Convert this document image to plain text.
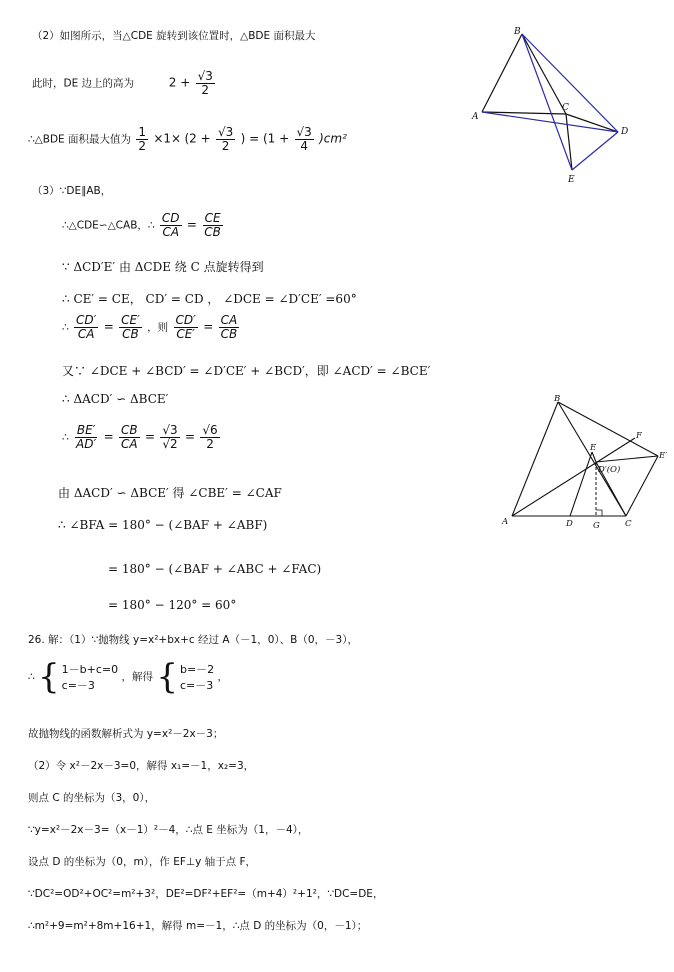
（2）如图所示，当△CDE 旋转到该位置时，△BDE 面积最大
此时，DE 边上的高为	$2 + \frac{√3}{2}$
∴△BDE 面积最大值为 $\frac{1}{2} \times 1\times (2 + \frac{√3}{2}$ ) = $(1 + \frac{√3}{4} )cm^2$
B
A
C
D
E
（3）∵DE∥AB，
∴△CDE∽△CAB，∴ $\frac{CD}{CA} = \frac{CE}{CB}$
∵ ΔCD′E′ 由 ΔCDE 绕 C 点旋转得到
∴ CE′ = CE， CD′ = CD ， ∠DCE = ∠D′CE′ =60°
∴ $\frac{CD'}{CA} = \frac{CE'}{CB}$ ，则 $\frac{CD'}{CE'} = \frac{CA}{CB}$
又∵ ∠DCE + ∠BCD′ = ∠D′CE′ + ∠BCD′，即 ∠ACD′ = ∠BCE′
∴ ΔACD′ ∽ ΔBCE′
∴ $\frac{BE'}{AD'} = \frac{CB}{CA} = \frac{√3}{√2} = \frac{√6}{2}$
由 ΔACD′ ∽ ΔBCE′ 得 ∠CBE′ = ∠CAF
∴ ∠BFA = 180° − (∠BAF + ∠ABF)
= 180° − (∠BAF + ∠ABC + ∠FAC)
= 180° − 120° = 60°
B
E
F
E′
D′(O)
A	D G	C
26. 解：（1）∵抛物线 y=x²+bx+c 经过 A（－1，0）、B（0，－3），
∴ { 1－b+c=0
c=－3
，解得 { b=－2
c=－3
，
故抛物线的函数解析式为 y=x²－2x－3；
（2）令 x²－2x－3=0，解得 x₁=－1，x₂=3，
则点 C 的坐标为（3，0），
∵y=x²－2x－3=（x－1）²－4，∴点 E 坐标为（1，－4），
设点 D 的坐标为（0，m），作 EF⊥y 轴于点 F，
∵DC²=OD²+OC²=m²+3²，DE²=DF²+EF²=（m+4）²+1²，∵DC=DE，
∴m²+9=m²+8m+16+1，解得 m=－1，∴点 D 的坐标为（0，－1）；
